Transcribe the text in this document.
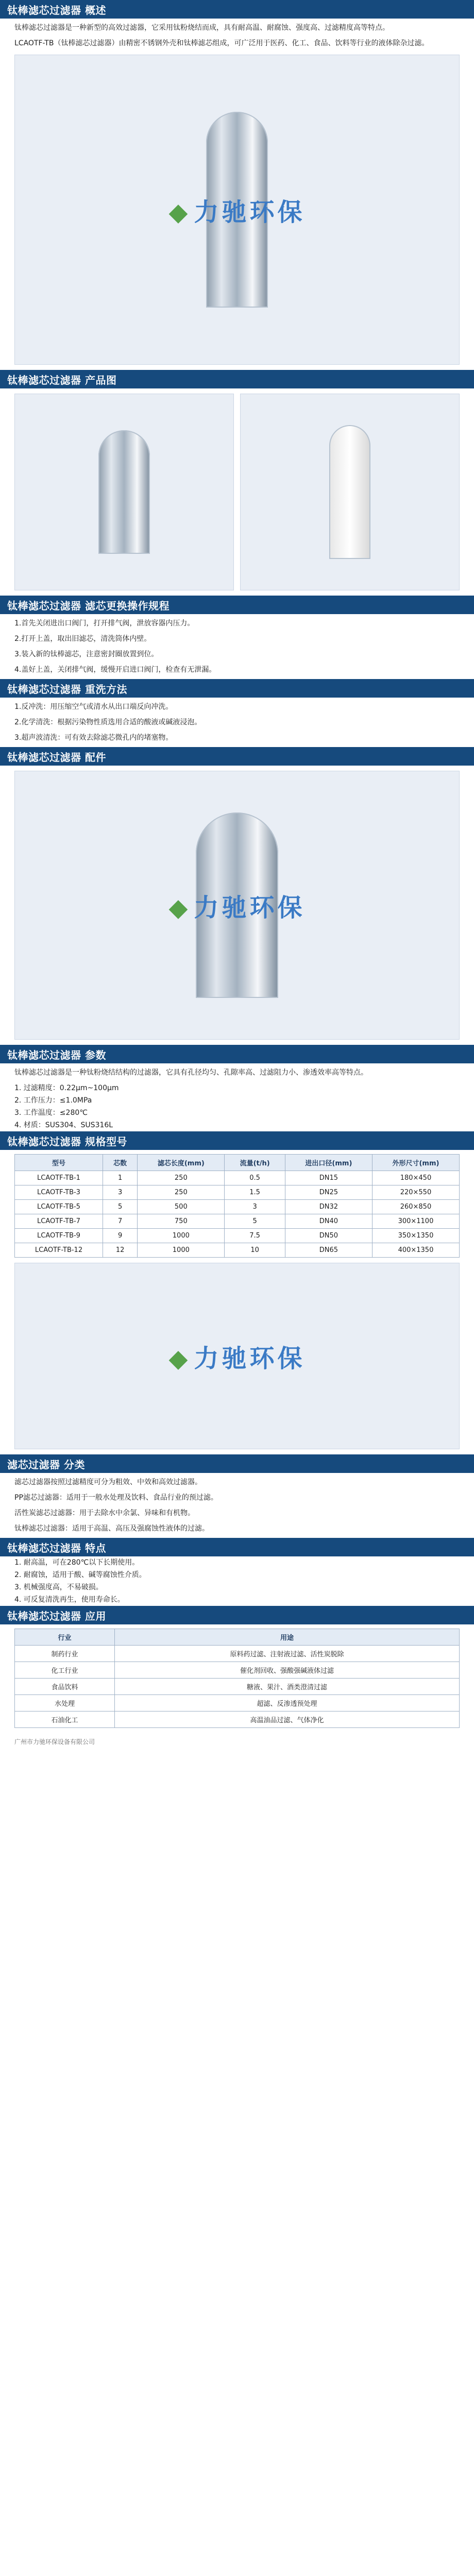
钛棒滤芯过滤器 概述
钛棒滤芯过滤器是一种新型的高效过滤器，它采用钛粉烧结而成，具有耐高温、耐腐蚀、强度高、过滤精度高等特点。
LCAOTF-TB（钛棒滤芯过滤器）由精密不锈钢外壳和钛棒滤芯组成，可广泛用于医药、化工、食品、饮料等行业的液体除杂过滤。
◆ 力驰环保
钛棒滤芯过滤器 产品图
钛棒滤芯过滤器 滤芯更换操作规程
1.首先关闭进出口阀门，打开排气阀，泄放容器内压力。
2.打开上盖，取出旧滤芯，清洗筒体内壁。
3.装入新的钛棒滤芯，注意密封圈放置到位。
4.盖好上盖，关闭排气阀，缓慢开启进口阀门，检查有无泄漏。
钛棒滤芯过滤器 重洗方法
1.反冲洗：用压缩空气或清水从出口端反向冲洗。
2.化学清洗：根据污染物性质选用合适的酸液或碱液浸泡。
3.超声波清洗：可有效去除滤芯微孔内的堵塞物。
钛棒滤芯过滤器 配件
◆ 力驰环保
钛棒滤芯过滤器 参数
钛棒滤芯过滤器是一种钛粉烧结结构的过滤器，它具有孔径均匀、孔隙率高、过滤阻力小、渗透效率高等特点。
1. 过滤精度：0.22μm~100μm
2. 工作压力：≤1.0MPa
3. 工作温度：≤280℃
4. 材质：SUS304、SUS316L
钛棒滤芯过滤器 规格型号
型号	芯数	滤芯长度(mm)	流量(t/h)	进出口径(mm)	外形尺寸(mm)
LCAOTF-TB-1	1	250	0.5	DN15	180×450
LCAOTF-TB-3	3	250	1.5	DN25	220×550
LCAOTF-TB-5	5	500	3	DN32	260×850
LCAOTF-TB-7	7	750	5	DN40	300×1100
LCAOTF-TB-9	9	1000	7.5	DN50	350×1350
LCAOTF-TB-12	12	1000	10	DN65	400×1350
◆ 力驰环保
滤芯过滤器 分类
滤芯过滤器按照过滤精度可分为粗效、中效和高效过滤器。
PP滤芯过滤器：适用于一般水处理及饮料、食品行业的预过滤。
活性炭滤芯过滤器：用于去除水中余氯、异味和有机物。
钛棒滤芯过滤器：适用于高温、高压及强腐蚀性液体的过滤。
钛棒滤芯过滤器 特点
1. 耐高温，可在280℃以下长期使用。
2. 耐腐蚀，适用于酸、碱等腐蚀性介质。
3. 机械强度高，不易破损。
4. 可反复清洗再生，使用寿命长。
钛棒滤芯过滤器 应用
行业	用途
制药行业	原料药过滤、注射液过滤、活性炭脱除
化工行业	催化剂回收、强酸强碱液体过滤
食品饮料	糖液、果汁、酒类澄清过滤
水处理	超滤、反渗透预处理
石油化工	高温油品过滤、气体净化
广州市力驰环保设备有限公司
